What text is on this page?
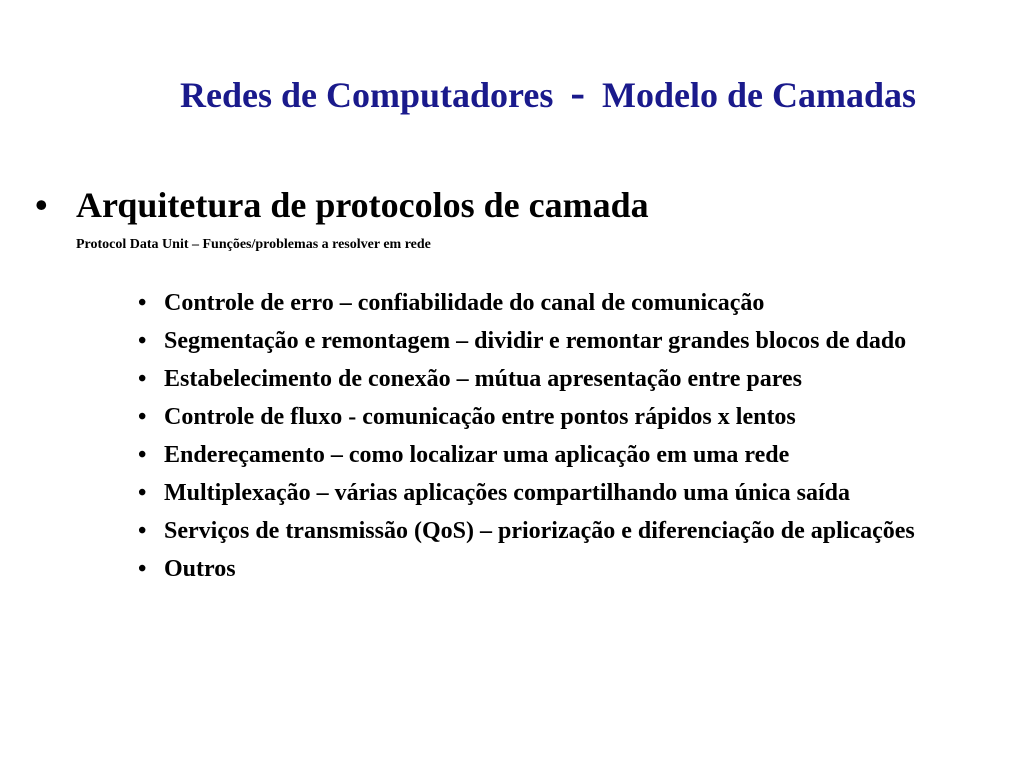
Redes de Computadores - Modelo de Camadas
• Arquitetura de protocolos de camada
Protocol Data Unit – Funções/problemas a resolver em rede
• Controle de erro – confiabilidade do canal de comunicação
• Segmentação e remontagem – dividir e remontar grandes blocos de dado
• Estabelecimento de conexão – mútua apresentação entre pares
• Controle de fluxo - comunicação entre pontos rápidos x lentos
• Endereçamento – como localizar uma aplicação em uma rede
• Multiplexação – várias aplicações compartilhando uma única saída
• Serviços de transmissão (QoS) – priorização e diferenciação de aplicações
• Outros
